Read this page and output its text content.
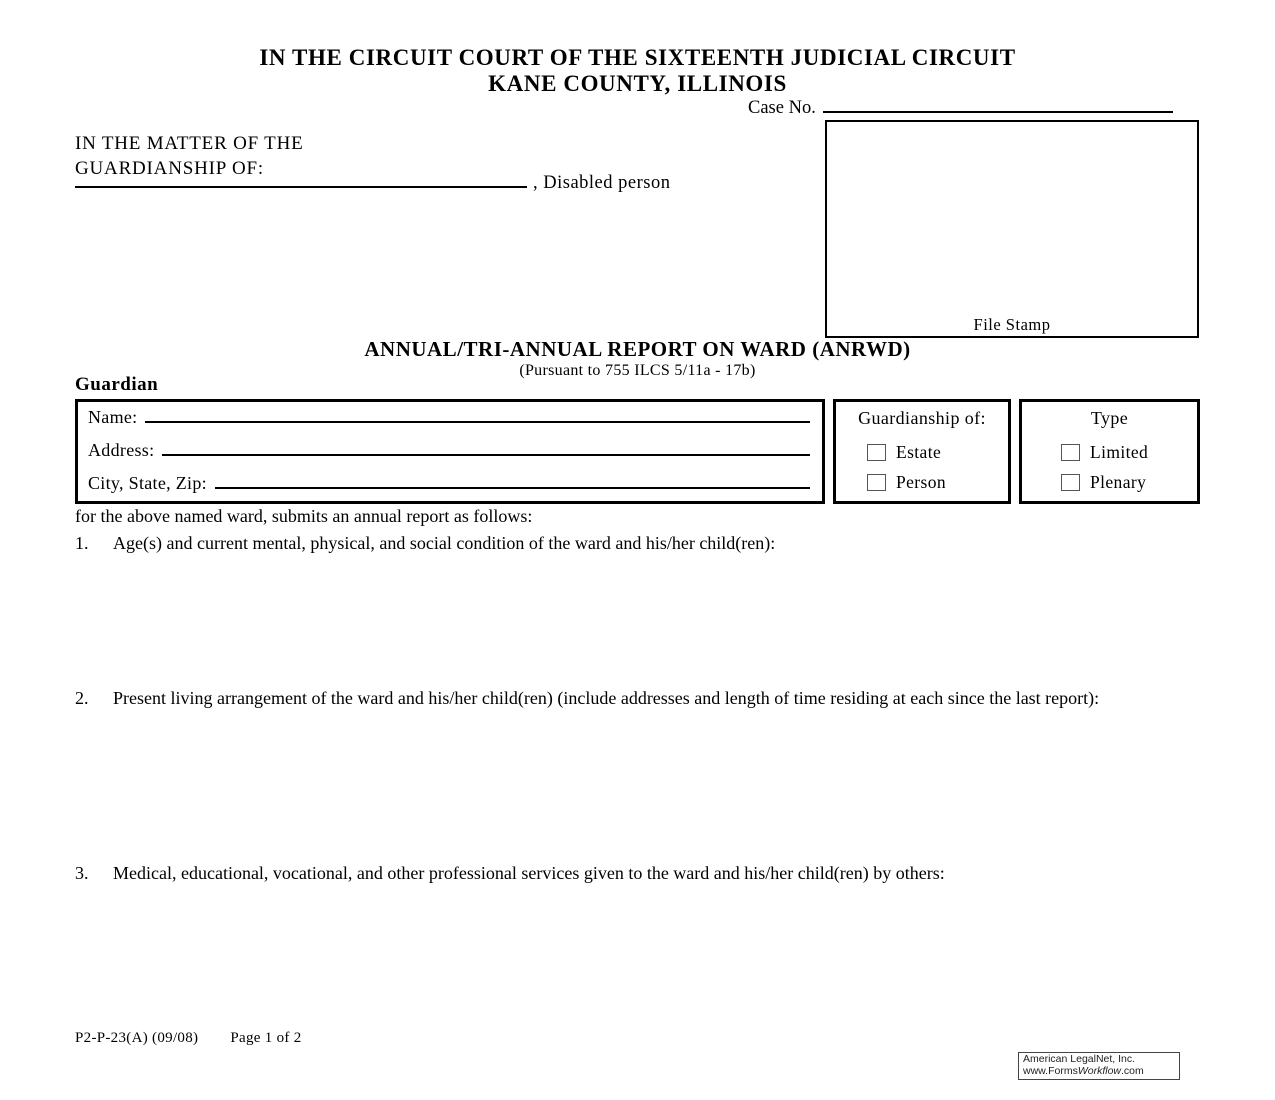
IN THE CIRCUIT COURT OF THE SIXTEENTH JUDICIAL CIRCUIT
KANE COUNTY, ILLINOIS
Case No.
IN THE MATTER OF THE
GUARDIANSHIP OF:
, Disabled person
File Stamp
ANNUAL/TRI-ANNUAL REPORT ON WARD (ANRWD)
(Pursuant to 755 ILCS 5/11a - 17b)
Guardian
Name:
Address:
City, State, Zip:
Guardianship of:
Estate
Person
Type
Limited
Plenary
for the above named ward, submits an annual report as follows:
1.	Age(s) and current mental, physical, and social condition of the ward and his/her child(ren):
2.	Present living arrangement of the ward and his/her child(ren) (include addresses and length of time residing at each since the last report):
3.	Medical, educational, vocational, and other professional services given to the ward and his/her child(ren) by others:
P2-P-23(A) (09/08) Page 1 of 2
American LegalNet, Inc.
www.FormsWorkflow.com
